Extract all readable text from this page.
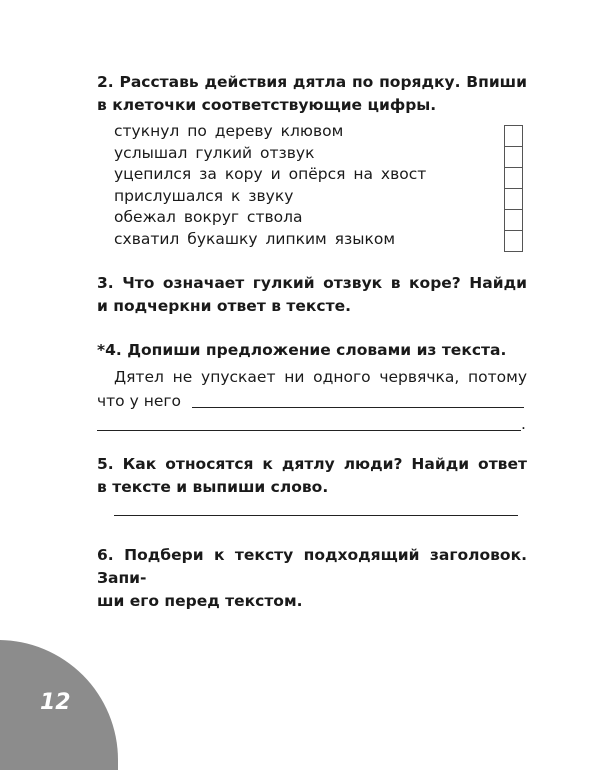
2. Расставь действия дятла по порядку. Впиши

в клеточки соответствующие цифры.

стукнул по дереву клювом
услышал гулкий отзвук
уцепился за кору и опёрся на хвост
прислушался к звуку
обежал вокруг ствола
схватил букашку липким языком

3. Что означает гулкий отзвук в коре? Найди

и подчеркни ответ в тексте.

*4. Допиши предложение словами из текста.

Дятел не упускает ни одного червячка, потому

что у него
.

5. Как относятся к дятлу люди? Найди ответ

в тексте и выпиши слово.

6. Подбери к тексту подходящий заголовок. Запи-

ши его перед текстом.

12
